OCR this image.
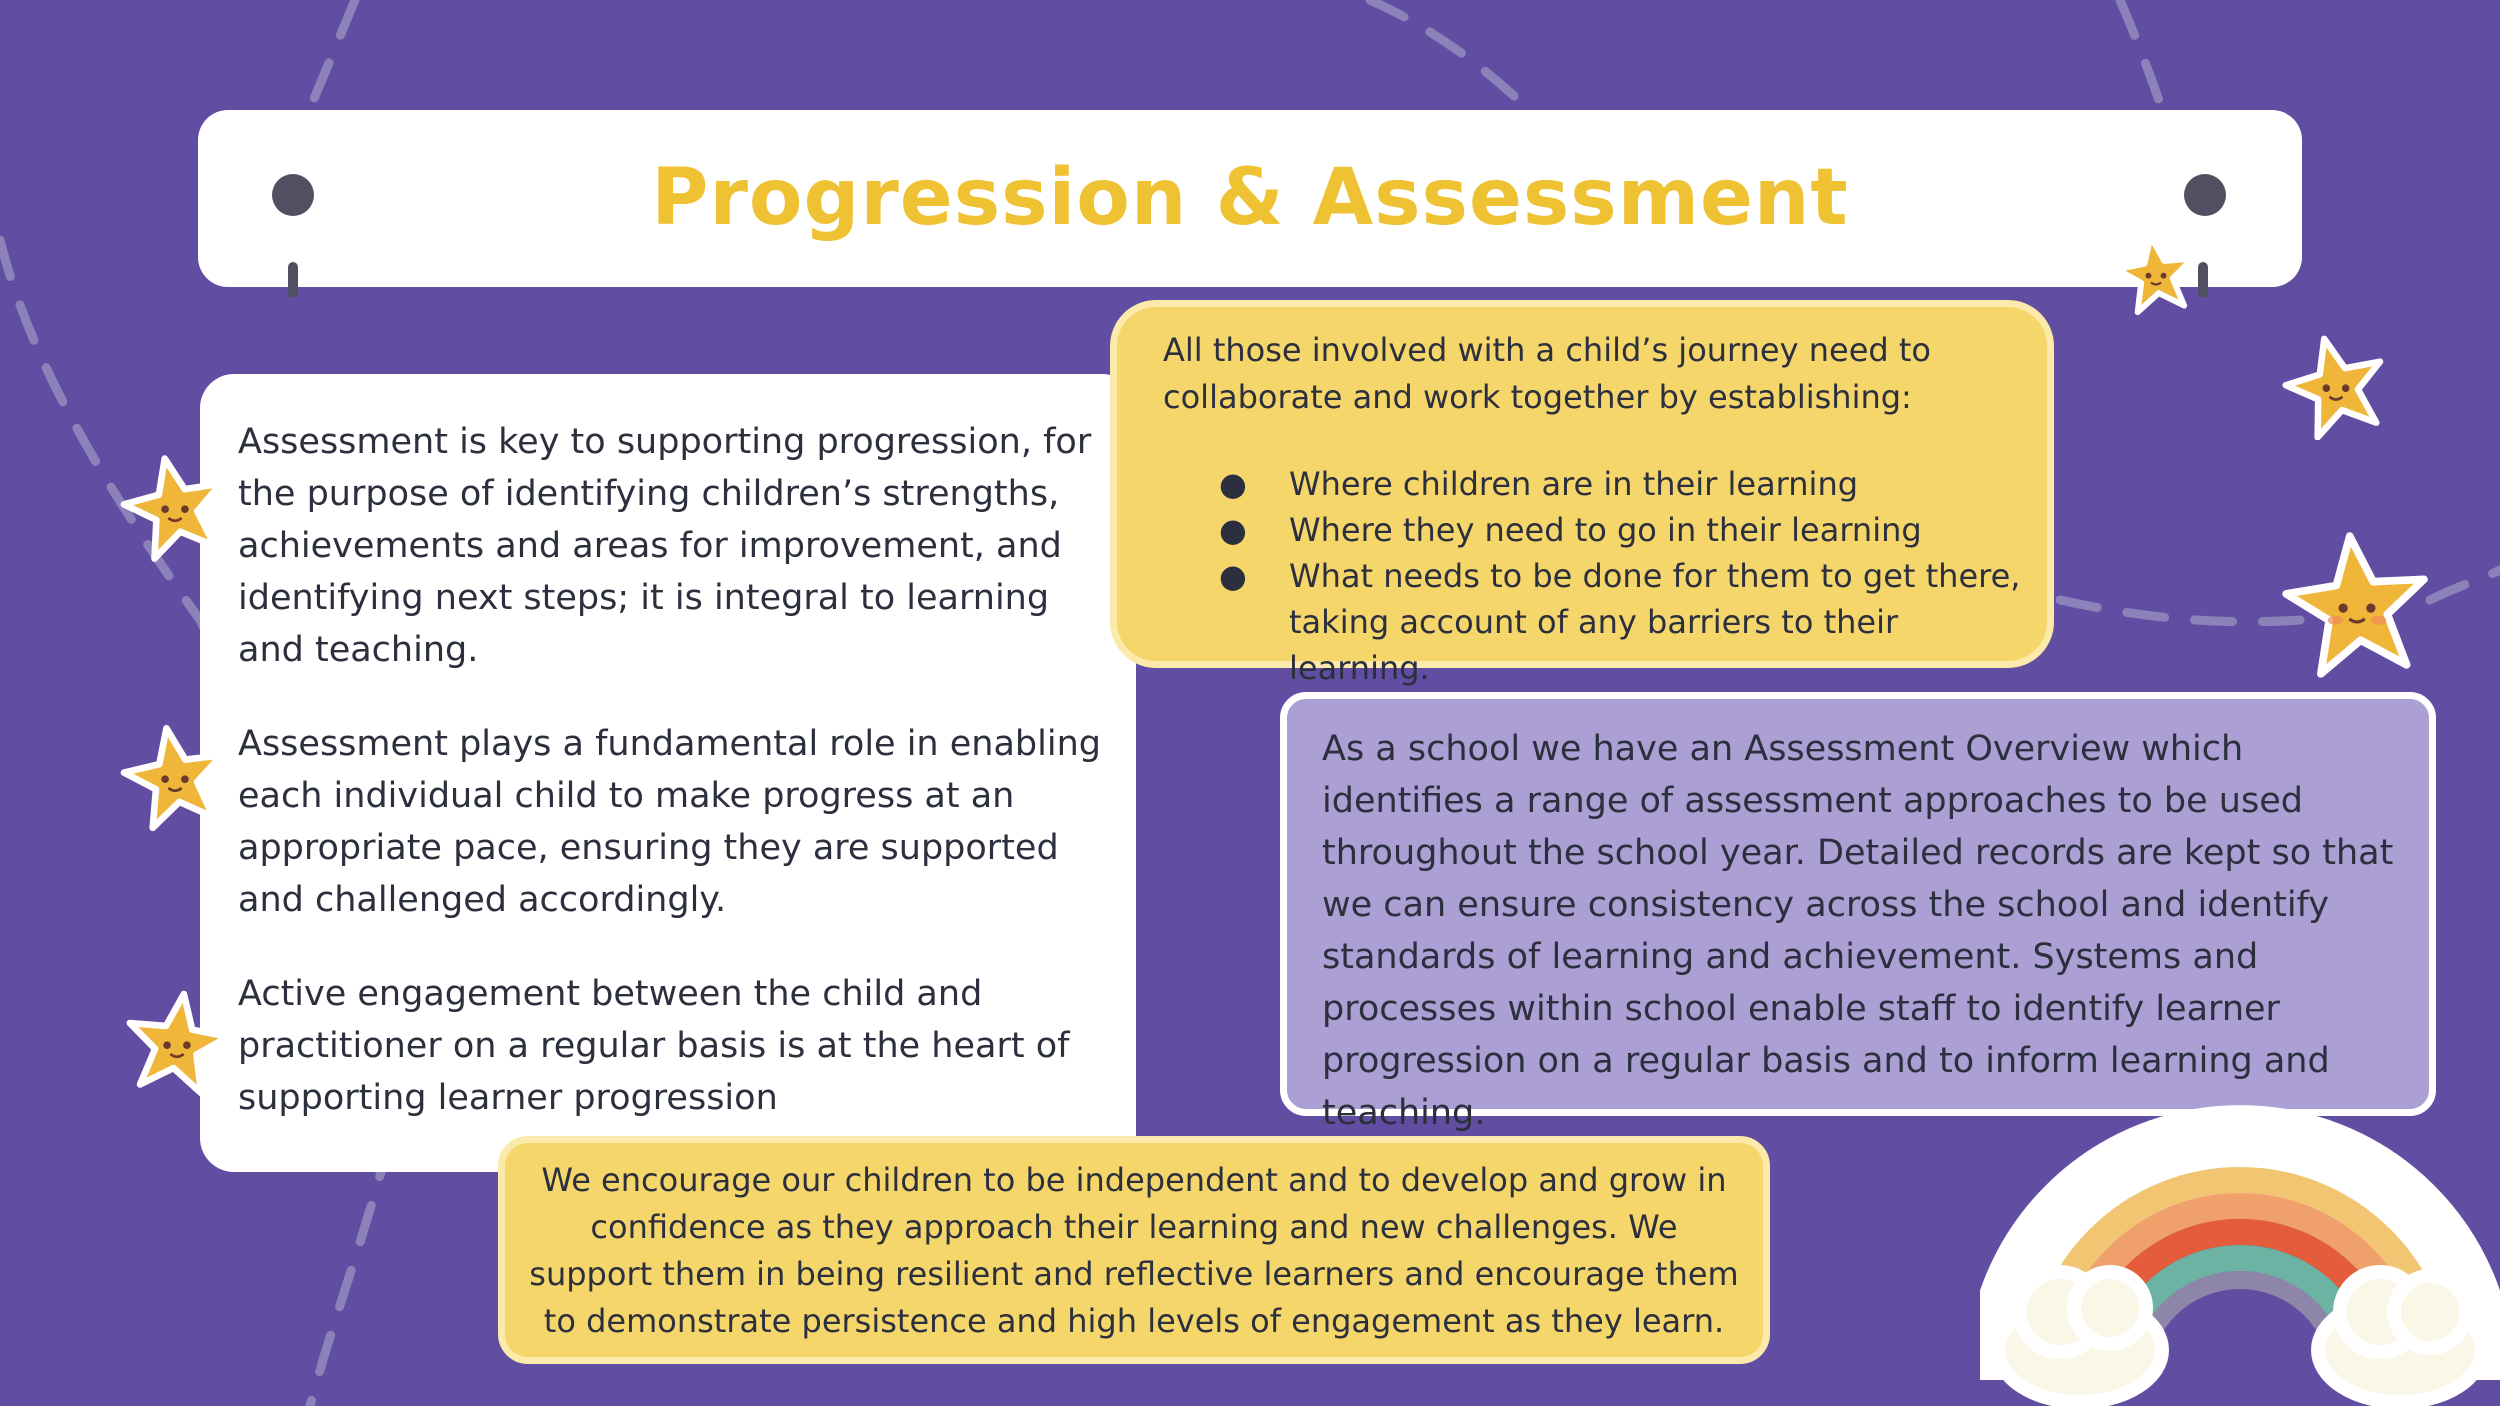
Progression & Assessment

Assessment is key to supporting progression, for the purpose of identifying children’s strengths, achievements and areas for improvement, and identifying next steps; it is integral to learning and teaching.

Assessment plays a fundamental role in enabling each individual child to make progress at an appropriate pace, ensuring they are supported and challenged accordingly.

Active engagement between the child and practitioner on a regular basis is at the heart of supporting learner progression

All those involved with a child’s journey need to collaborate and work together by establishing:

● Where children are in their learning
● Where they need to go in their learning
● What needs to be done for them to get there, taking account of any barriers to their learning.

As a school we have an Assessment Overview which identifies a range of assessment approaches to be used throughout the school year. Detailed records are kept so that we can ensure consistency across the school and identify standards of learning and achievement. Systems and processes within school enable staff to identify learner progression on a regular basis and to inform learning and teaching.

We encourage our children to be independent and to develop and grow in confidence as they approach their learning and new challenges. We support them in being resilient and reflective learners and encourage them to demonstrate persistence and high levels of engagement as they learn.
